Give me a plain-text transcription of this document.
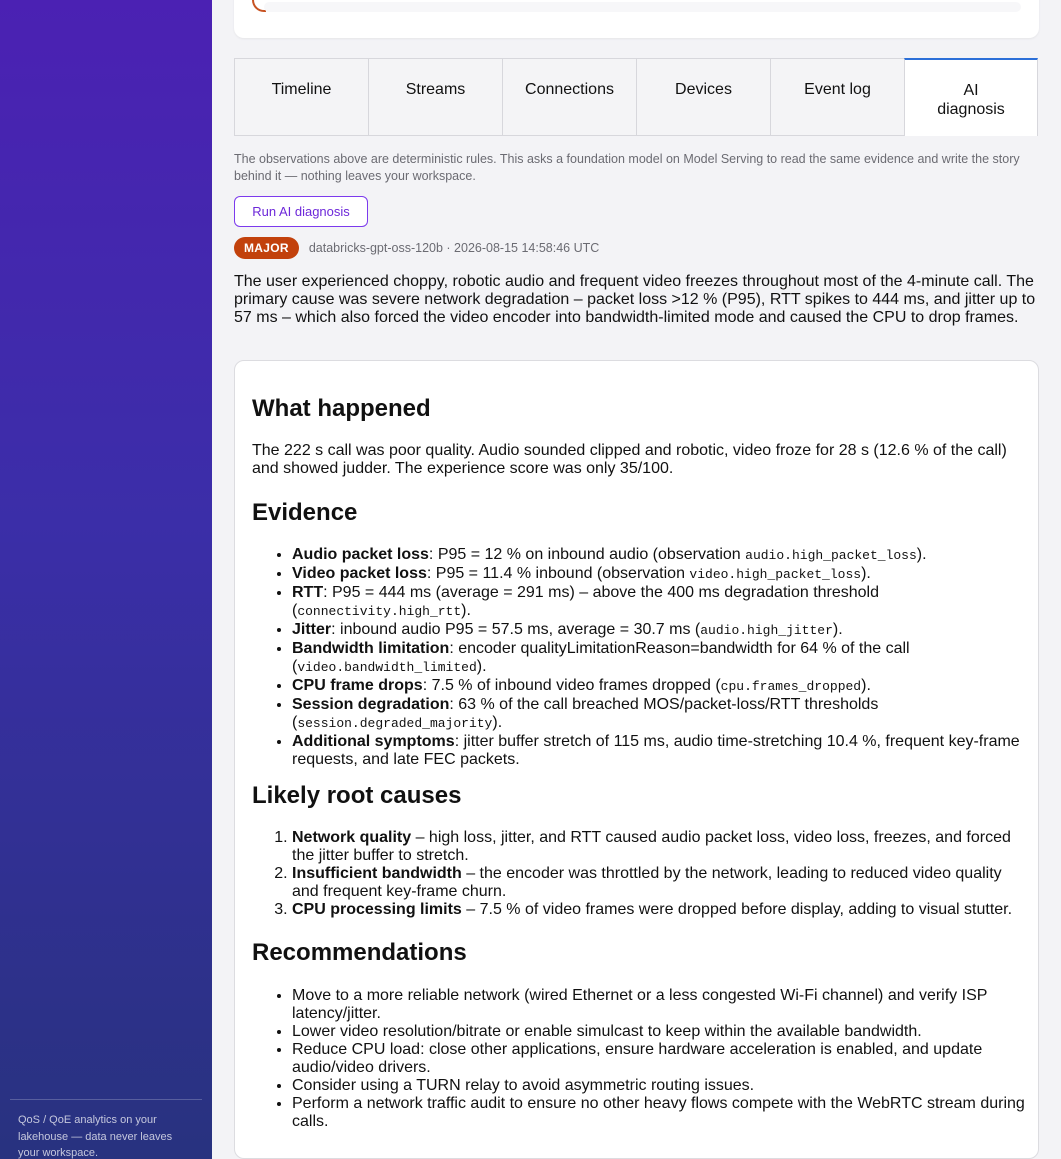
QoS / QoE analytics on your lakehouse — data never leaves your workspace.
Timeline	Streams	Connections	Devices	Event log	AI diagnosis
The observations above are deterministic rules. This asks a foundation model on Model Serving to read the same evidence and write the story behind it — nothing leaves your workspace.
Run AI diagnosis
MAJOR	databricks-gpt-oss-120b · 2026-08-15 14:58:46 UTC
The user experienced choppy, robotic audio and frequent video freezes throughout most of the 4‑minute call. The primary cause was severe network degradation – packet loss >12 % (P95), RTT spikes to 444 ms, and jitter up to 57 ms – which also forced the video encoder into bandwidth‑limited mode and caused the CPU to drop frames.
What happened

The 222 s call was poor quality. Audio sounded clipped and robotic, video froze for 28 s (12.6 % of the call) and showed judder. The experience score was only 35/100.

Evidence
• Audio packet loss: P95 = 12 % on inbound audio (observation audio.high_packet_loss).
• Video packet loss: P95 = 11.4 % inbound (observation video.high_packet_loss).
• RTT: P95 = 444 ms (average = 291 ms) – above the 400 ms degradation threshold (connectivity.high_rtt).
• Jitter: inbound audio P95 = 57.5 ms, average = 30.7 ms (audio.high_jitter).
• Bandwidth limitation: encoder qualityLimitationReason=bandwidth for 64 % of the call (video.bandwidth_limited).
• CPU frame drops: 7.5 % of inbound video frames dropped (cpu.frames_dropped).
• Session degradation: 63 % of the call breached MOS/packet‑loss/RTT thresholds (session.degraded_majority).
• Additional symptoms: jitter buffer stretch of 115 ms, audio time‑stretching 10.4 %, frequent key‑frame requests, and late FEC packets.
Likely root causes
1. Network quality – high loss, jitter, and RTT caused audio packet loss, video loss, freezes, and forced the jitter buffer to stretch.
2. Insufficient bandwidth – the encoder was throttled by the network, leading to reduced video quality and frequent key‑frame churn.
3. CPU processing limits – 7.5 % of video frames were dropped before display, adding to visual stutter.
Recommendations
• Move to a more reliable network (wired Ethernet or a less congested Wi‑Fi channel) and verify ISP latency/jitter.
• Lower video resolution/bitrate or enable simulcast to keep within the available bandwidth.
• Reduce CPU load: close other applications, ensure hardware acceleration is enabled, and update audio/video drivers.
• Consider using a TURN relay to avoid asymmetric routing issues.
• Perform a network traffic audit to ensure no other heavy flows compete with the WebRTC stream during calls.
